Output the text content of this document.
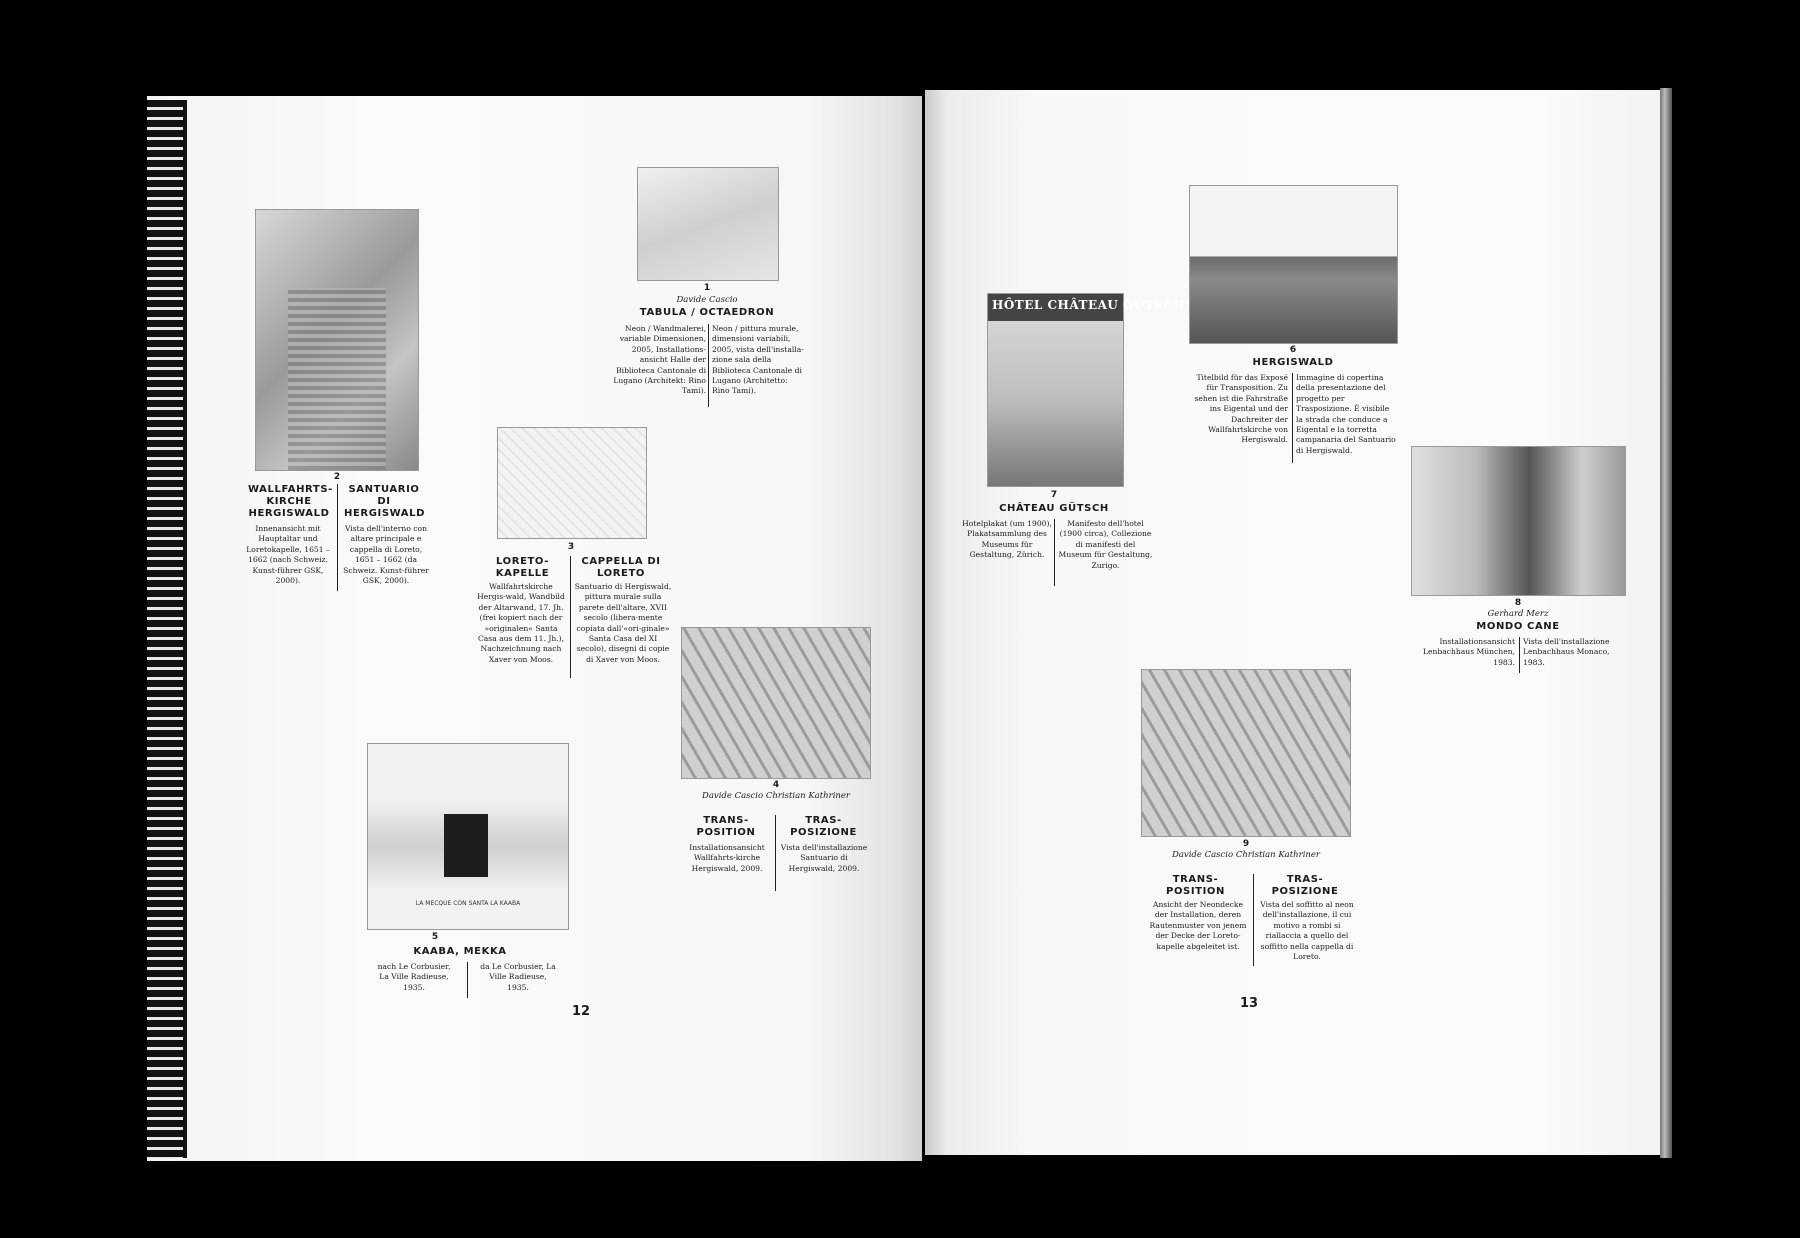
1
Davide Cascio
TABULA / OCTAEDRON
Neon / Wandmalerei, variable Dimensionen, 2005, Installations-ansicht Halle der Biblioteca Cantonale di Lugano (Architekt: Rino Tami).
Neon / pittura murale, dimensioni variabili, 2005, vista dell'installa-zione sala della Biblioteca Cantonale di Lugano (Architetto: Rino Tami).
2
WALLFAHRTS-KIRCHE HERGISWALD
SANTUARIO DI HERGISWALD
Innenansicht mit Hauptaltar und Loretokapelle, 1651 – 1662 (nach Schweiz. Kunst-führer GSK, 2000).
Vista dell'interno con altare principale e cappella di Loreto, 1651 – 1662 (da Schweiz. Kunst-führer GSK, 2000).
3
LORETO-KAPELLE
CAPPELLA DI LORETO
Wallfahrtskirche Hergis-wald, Wandbild der Altarwand, 17. Jh. (frei kopiert nach der »originalen« Santa Casa aus dem 11. Jh.), Nachzeichnung nach Xaver von Moos.
Santuario di Hergiswald, pittura murale sulla parete dell'altare, XVII secolo (libera-mente copiata dall'«ori-ginale» Santa Casa del XI secolo), disegni di copie di Xaver von Moos.
4
Davide Cascio Christian Kathriner
TRANS-POSITION
TRAS-POSIZIONE
Installationsansicht Wallfahrts-kirche Hergiswald, 2009.
Vista dell'installazione Santuario di Hergiswald, 2009.
LA MECQUE CON SANTA LA KAABA
5
KAABA, MEKKA
nach Le Corbusier, La Ville Radieuse, 1935.
da Le Corbusier, La Ville Radieuse, 1935.
12
6
HERGISWALD
Titelbild für das Exposé für Transposition. Zu sehen ist die Fahrstraße ins Eigental und der Dachreiter der Wallfahrtskirche von Hergiswald.
Immagine di copertina della presentazione del progetto per Trasposizione. È visibile la strada che conduce a Eigental e la torretta campanaria del Santuario di Hergiswald.
HÔTEL CHÂTEAU GÜTSCH
7
CHÂTEAU GÜTSCH
Hotelplakat (um 1900), Plakatsammlung des Museums für Gestaltung, Zürich.
Manifesto dell'hotel (1900 circa), Collezione di manifesti del Museum für Gestaltung, Zurigo.
8
Gerhard Merz
MONDO CANE
Installationsansicht Lenbachhaus München, 1983.
Vista dell'installazione Lenbachhaus Monaco, 1983.
9
Davide Cascio Christian Kathriner
TRANS-POSITION
TRAS-POSIZIONE
Ansicht der Neondecke der Installation, deren Rautenmuster von jenem der Decke der Loreto-kapelle abgeleitet ist.
Vista del soffitto al neon dell'installazione, il cui motivo a rombi si riallaccia a quello del soffitto nella cappella di Loreto.
13
